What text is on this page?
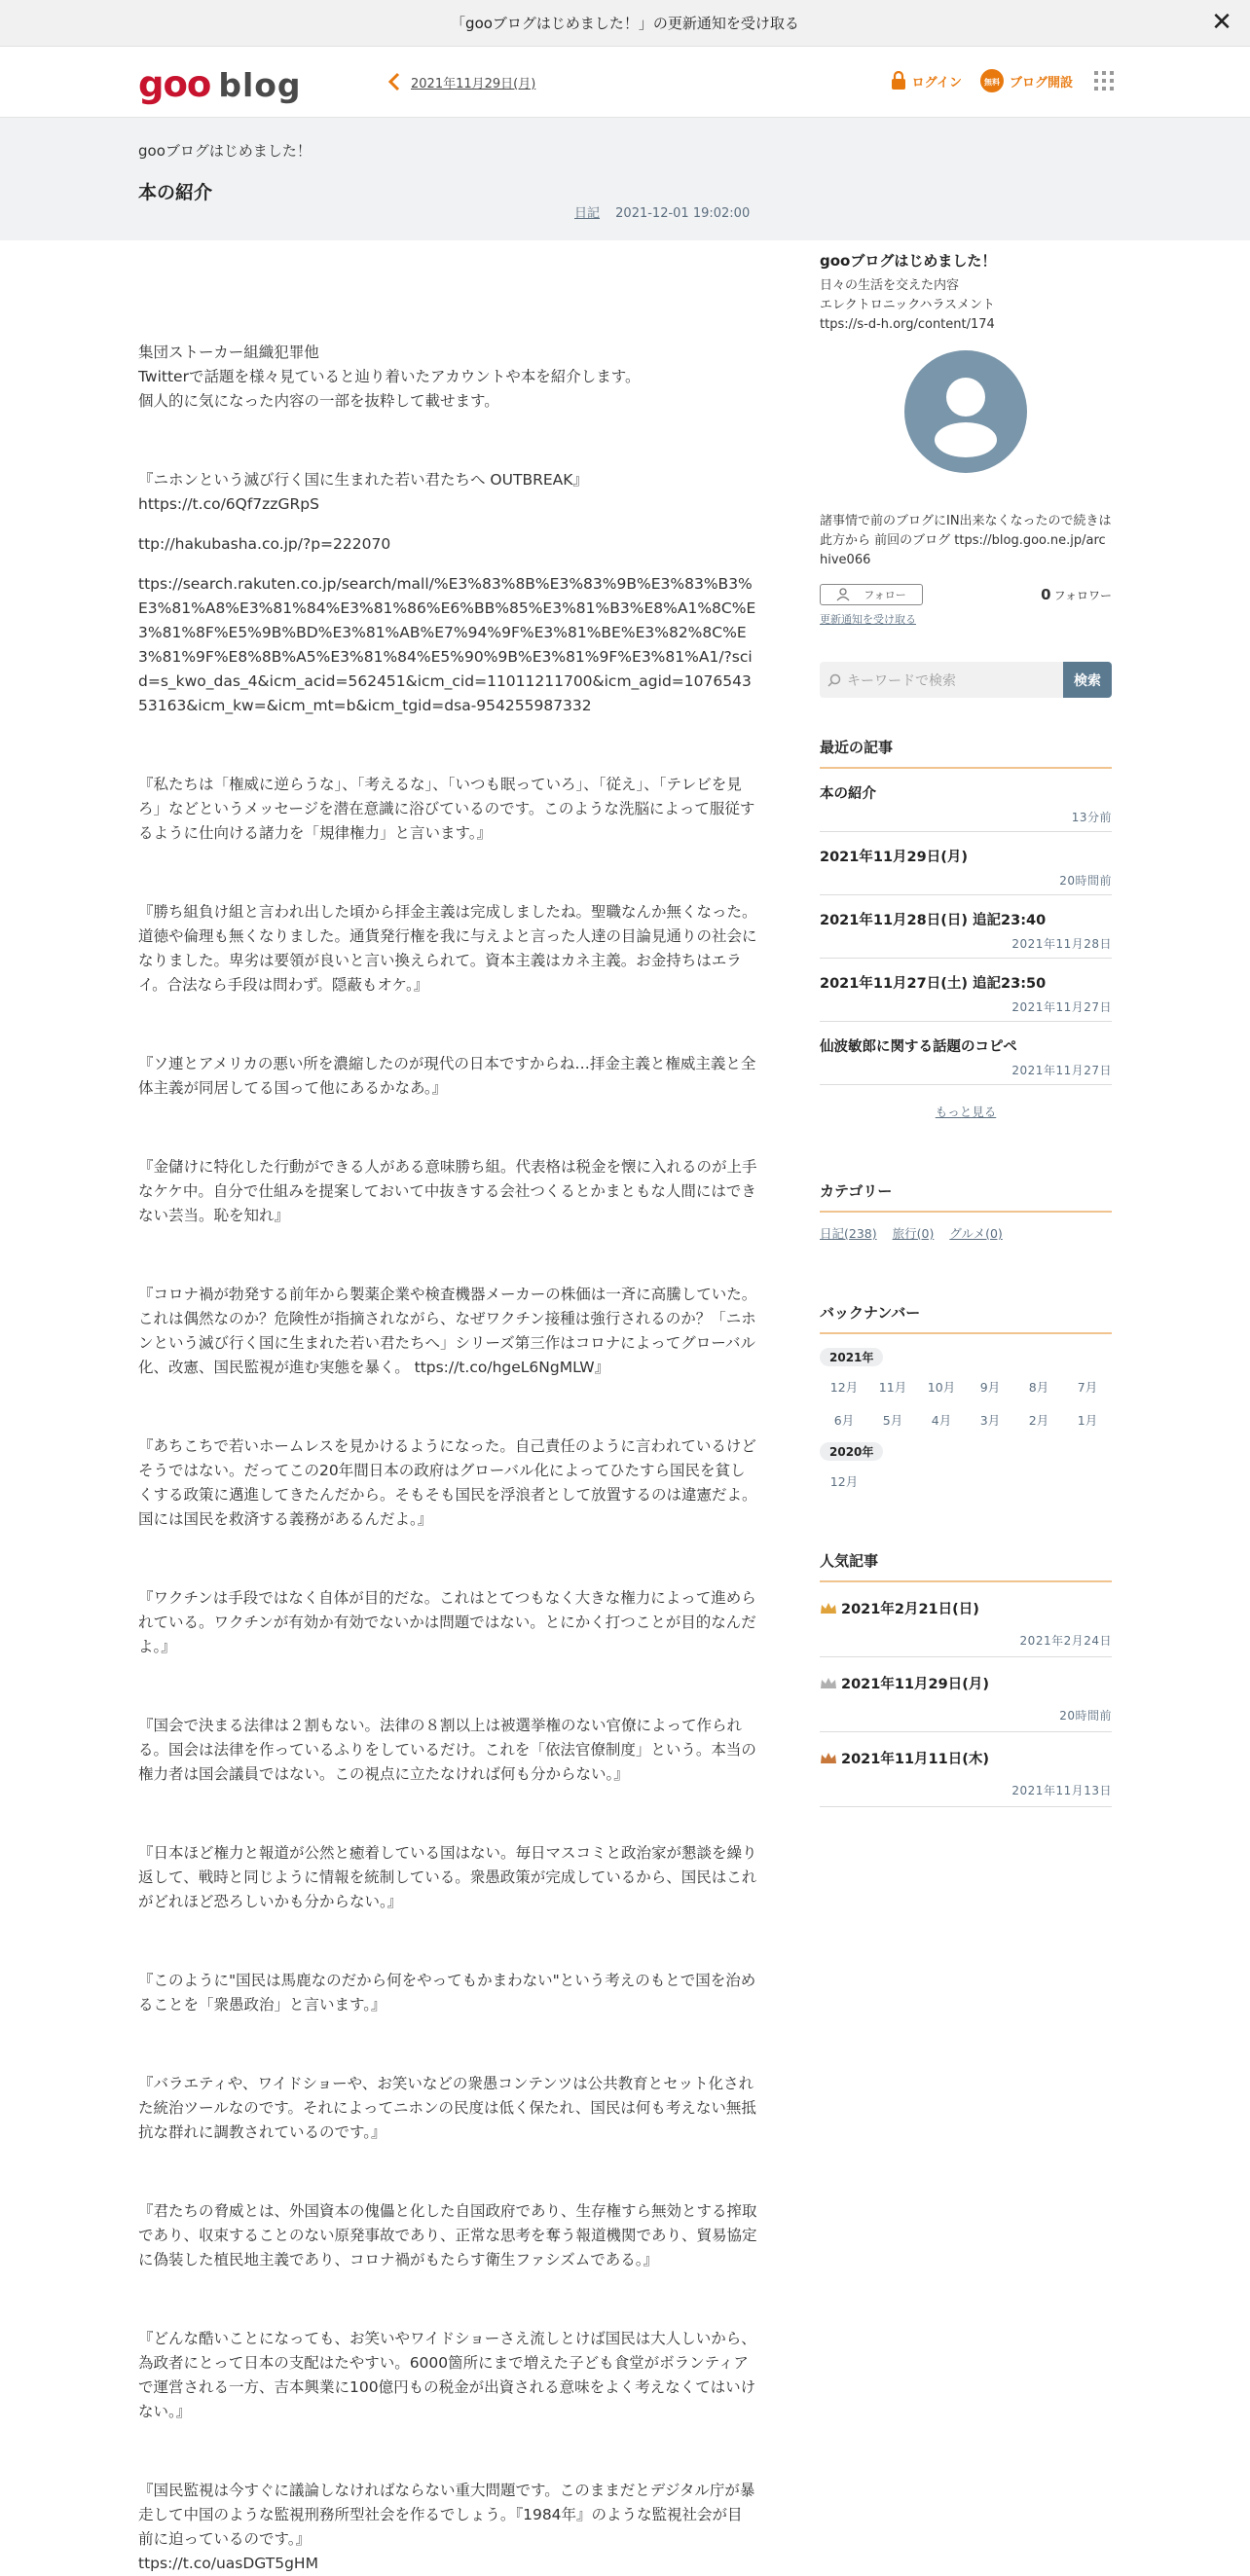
「gooブログはじめました！」の更新通知を受け取る	✕
goo blog	2021年11月29日(月)	ログイン	無料 ブログ開設
gooブログはじめました！
本の紹介
日記 2021-12-01 19:02:00

集団ストーカー組織犯罪他
Twitterで話題を様々見ていると辿り着いたアカウントや本を紹介します。
個人的に気になった内容の一部を抜粋して載せます。

『ニホンという滅び行く国に生まれた若い君たちへ OUTBREAK』
https://t.co/6Qf7zzGRpS

ttp://hakubasha.co.jp/?p=222070

ttps://search.rakuten.co.jp/search/mall/%E3%83%8B%E3%83%9B%E3%83%B3%E3%81%A8%E3%81%84%E3%81%86%E6%BB%85%E3%81%B3%E8%A1%8C%E3%81%8F%E5%9B%BD%E3%81%AB%E7%94%9F%E3%81%BE%E3%82%8C%E3%81%9F%E8%8B%A5%E3%81%84%E5%90%9B%E3%81%9F%E3%81%A1/?scid=s_kwo_das_4&icm_acid=562451&icm_cid=11011211700&icm_agid=107654353163&icm_kw=&icm_mt=b&icm_tgid=dsa-954255987332

『私たちは「権威に逆らうな」、「考えるな」、「いつも眠っていろ」、「従え」、「テレビを見ろ」などというメッセージを潜在意識に浴びているのです。このような洗脳によって服従するように仕向ける諸力を「規律権力」と言います。』

『勝ち組負け組と言われ出した頃から拝金主義は完成しましたね。聖職なんか無くなった。道徳や倫理も無くなりました。通貨発行権を我に与えよと言った人達の目論見通りの社会になりました。卑劣は要領が良いと言い換えられて。資本主義はカネ主義。お金持ちはエライ。合法なら手段は問わず。隠蔽もオケ。』

『ソ連とアメリカの悪い所を濃縮したのが現代の日本ですからね…拝金主義と権威主義と全体主義が同居してる国って他にあるかなあ。』

『金儲けに特化した行動ができる人がある意味勝ち組。代表格は税金を懐に入れるのが上手なケケ中。自分で仕組みを提案しておいて中抜きする会社つくるとかまともな人間にはできない芸当。恥を知れ』

『コロナ禍が勃発する前年から製薬企業や検査機器メーカーの株価は一斉に高騰していた。これは偶然なのか？危険性が指摘されながら、なぜワクチン接種は強行されるのか？「ニホンという滅び行く国に生まれた若い君たちへ」シリーズ第三作はコロナによってグローバル化、改憲、国民監視が進む実態を暴く。 ttps://t.co/hgeL6NgMLW』

『あちこちで若いホームレスを見かけるようになった。自己責任のように言われているけどそうではない。だってこの20年間日本の政府はグローバル化によってひたすら国民を貧しくする政策に邁進してきたんだから。そもそも国民を浮浪者として放置するのは違憲だよ。国には国民を救済する義務があるんだよ。』

『ワクチンは手段ではなく自体が目的だな。これはとてつもなく大きな権力によって進められている。ワクチンが有効か有効でないかは問題ではない。とにかく打つことが目的なんだよ。』

『国会で決まる法律は２割もない。法律の８割以上は被選挙権のない官僚によって作られる。国会は法律を作っているふりをしているだけ。これを「依法官僚制度」という。本当の権力者は国会議員ではない。この視点に立たなければ何も分からない。』

『日本ほど権力と報道が公然と癒着している国はない。毎日マスコミと政治家が懇談を繰り返して、戦時と同じように情報を統制している。衆愚政策が完成しているから、国民はこれがどれほど恐ろしいかも分からない。』

『このように"国民は馬鹿なのだから何をやってもかまわない"という考えのもとで国を治めることを「衆愚政治」と言います。』

『バラエティや、ワイドショーや、お笑いなどの衆愚コンテンツは公共教育とセット化された統治ツールなのです。それによってニホンの民度は低く保たれ、国民は何も考えない無抵抗な群れに調教されているのです。』

『君たちの脅威とは、外国資本の傀儡と化した自国政府であり、生存権すら無効とする搾取であり、収束することのない原発事故であり、正常な思考を奪う報道機関であり、貿易協定に偽装した植民地主義であり、コロナ禍がもたらす衛生ファシズムである。』

『どんな酷いことになっても、お笑いやワイドショーさえ流しとけば国民は大人しいから、為政者にとって日本の支配はたやすい。6000箇所にまで増えた子ども食堂がボランティアで運営される一方、吉本興業に100億円もの税金が出資される意味をよく考えなくてはいけない。』

『国民監視は今すぐに議論しなければならない重大問題です。このままだとデジタル庁が暴走して中国のような監視刑務所型社会を作るでしょう。『1984年』のような監視社会が目前に迫っているのです。』
ttps://t.co/uasDGT5gHM

gooブログはじめました！
日々の生活を交えた内容
エレクトロニックハラスメント
ttps://s-d-h.org/content/174
諸事情で前のブログにIN出来なくなったので続きは此方から 前回のブログ ttps://blog.goo.ne.jp/archive066
フォロー	0 フォロワー
更新通知を受け取る
キーワードで検索	検索
最近の記事
本の紹介
13分前
2021年11月29日(月)
20時間前
2021年11月28日(日) 追記23:40
2021年11月28日
2021年11月27日(土) 追記23:50
2021年11月27日
仙波敏郎に関する話題のコピペ
2021年11月27日
もっと見る
カテゴリー
日記(238) 旅行(0) グルメ(0)
バックナンバー
2021年
12月	11月	10月	9月	8月	7月
6月	5月	4月	3月	2月	1月
2020年
12月
人気記事
2021年2月21日(日)
2021年2月24日
2021年11月29日(月)
20時間前
2021年11月11日(木)
2021年11月13日
